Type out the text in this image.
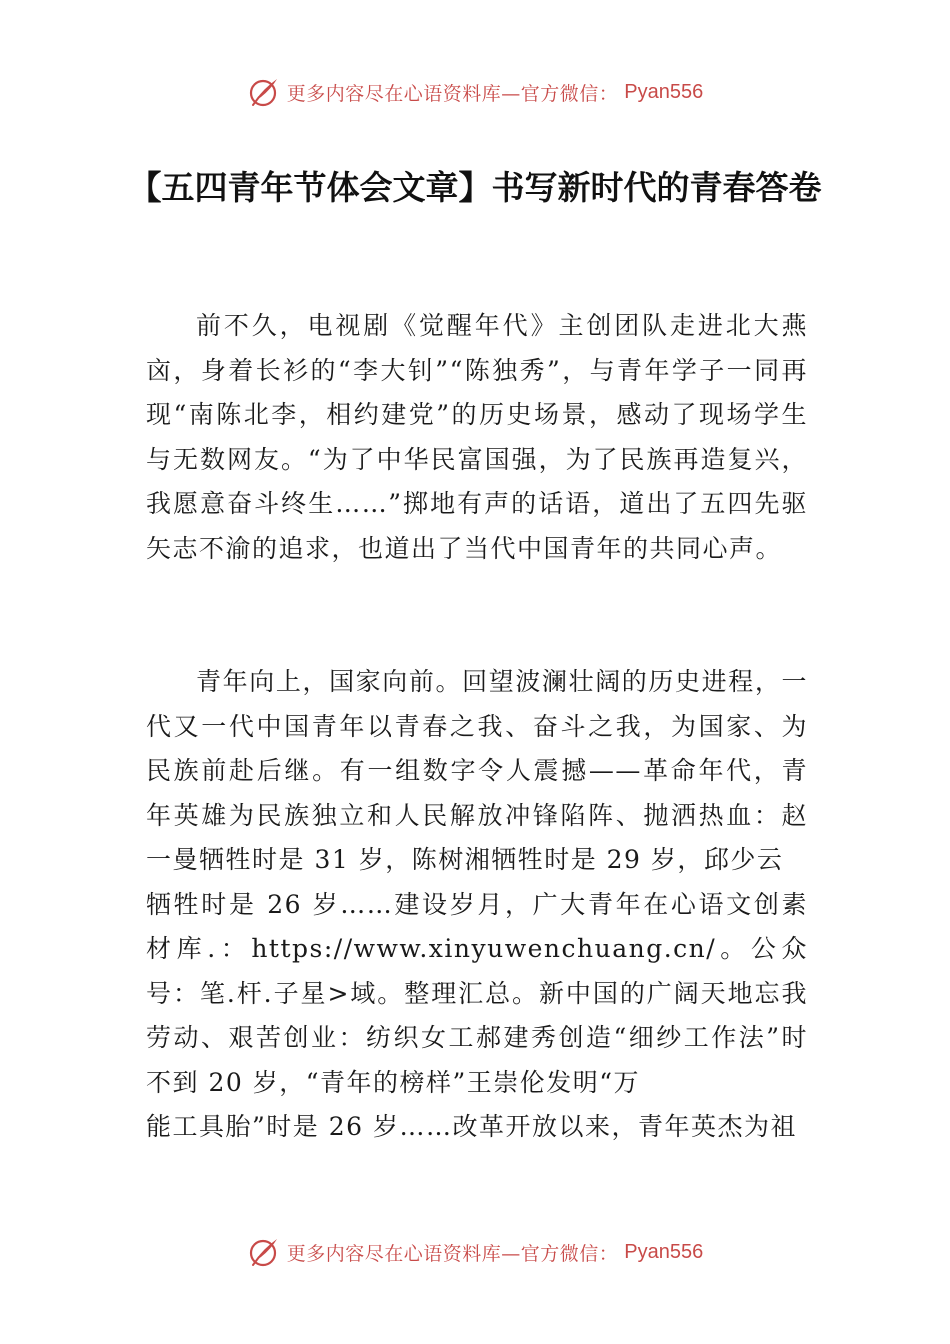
更多内容尽在心语资料库—官方微信： Pyan556
【五四青年节体会文章】书写新时代的青春答卷

前不久，电视剧《觉醒年代》主创团队走进北大燕 㐫，身着长衫的“李大钊”“陈独秀”，与青年学子一同再现“南陈北李，相约建党”的历史场景，感动了现场学生与无数网友。“为了中华民富国强，为了民族再造复兴，我愿意奋斗终生……”掷地有声的话语，道出了五四先驱矢志不渝的追求，也道出了当代中国青年的共同心声。

青年向上，国家向前。回望波澜壮阔的历史进程，一代又一代中国青年以青春之我、奋斗之我，为国家、为民族前赴后继。有一组数字令人震撼——革命年代，青年英雄为民族独立和人民解放冲锋陷阵、抛洒热血：赵一曼牺牲时是 31 岁，陈树湘牺牲时是 29 岁，邱少云

牺牲时是 26 岁……建设岁月，广大青年在心语文创素材库.：https://www.xinyuwenchuang.cn/。公众号：笔.杆.子星>域。整理汇总。新中国的广阔天地忘我劳动、艰苦创业：纺织女工郝建秀创造“细纱工作法”时不到 20 岁，“青年的榜样”王崇伦发明“万

能工具胎”时是 26 岁……改革开放以来，青年英杰为祖

更多内容尽在心语资料库—官方微信： Pyan556
